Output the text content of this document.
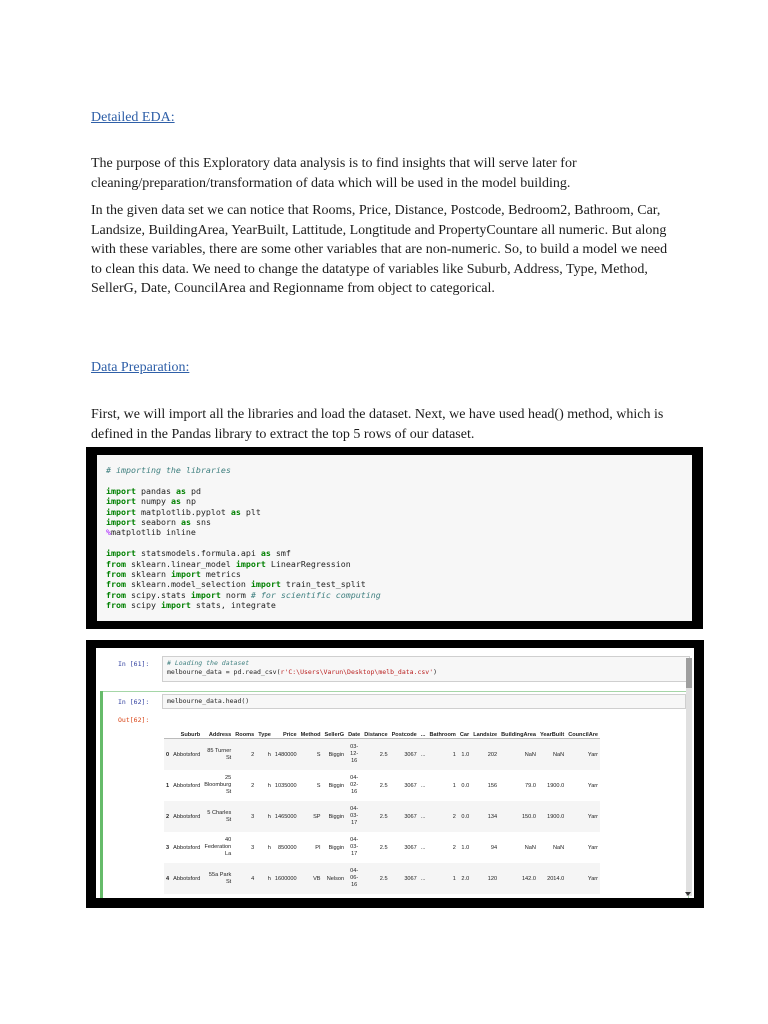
Detailed EDA:
The purpose of this Exploratory data analysis is to find insights that will serve later for cleaning/preparation/transformation of data which will be used in the model building.
In the given data set we can notice that Rooms, Price, Distance, Postcode, Bedroom2, Bathroom, Car, Landsize, BuildingArea, YearBuilt, Lattitude, Longtitude and PropertyCountare all numeric. But along with these variables, there are some other variables that are non-numeric. So, to build a model we need to clean this data. We need to change the datatype of variables like Suburb, Address, Type, Method, SellerG, Date, CouncilArea and Regionname from object to categorical.
Data Preparation:
First, we will import all the libraries and load the dataset. Next, we have used head() method, which is defined in the Pandas library to extract the top 5 rows of our dataset.
# importing the libraries
import pandas as pd
import numpy as np
import matplotlib.pyplot as plt
import seaborn as sns
%matplotlib inline
import statsmodels.formula.api as smf
from sklearn.linear_model import LinearRegression
from sklearn import metrics
from sklearn.model_selection import train_test_split
from scipy.stats import norm # for scientific computing
from scipy import stats, integrate
In [61]:	# Loading the dataset
melbourne_data = pd.read_csv(r'C:\Users\Varun\Desktop\melb_data.csv')
In [62]:	melbourne_data.head()
Out[62]:
	Suburb	Address	Rooms	Type	Price	Method	SellerG	Date	Distance	Postcode	...	Bathroom	Car	Landsize	BuildingArea	YearBuilt	CouncilAre
0	Abbotsford	85 Turner
St	2	h	1480000	S	Biggin	03-
12-
16	2.5	3067	...	1	1.0	202	NaN	NaN	Yarr
1	Abbotsford	25
Bloomburg
St	2	h	1035000	S	Biggin	04-
02-
16	2.5	3067	...	1	0.0	156	79.0	1900.0	Yarr
2	Abbotsford	5 Charles
St	3	h	1465000	SP	Biggin	04-
03-
17	2.5	3067	...	2	0.0	134	150.0	1900.0	Yarr
3	Abbotsford	40
Federation
La	3	h	850000	PI	Biggin	04-
03-
17	2.5	3067	...	2	1.0	94	NaN	NaN	Yarr
4	Abbotsford	55a Park
St	4	h	1600000	VB	Nelson	04-
06-
16	2.5	3067	...	1	2.0	120	142.0	2014.0	Yarr
